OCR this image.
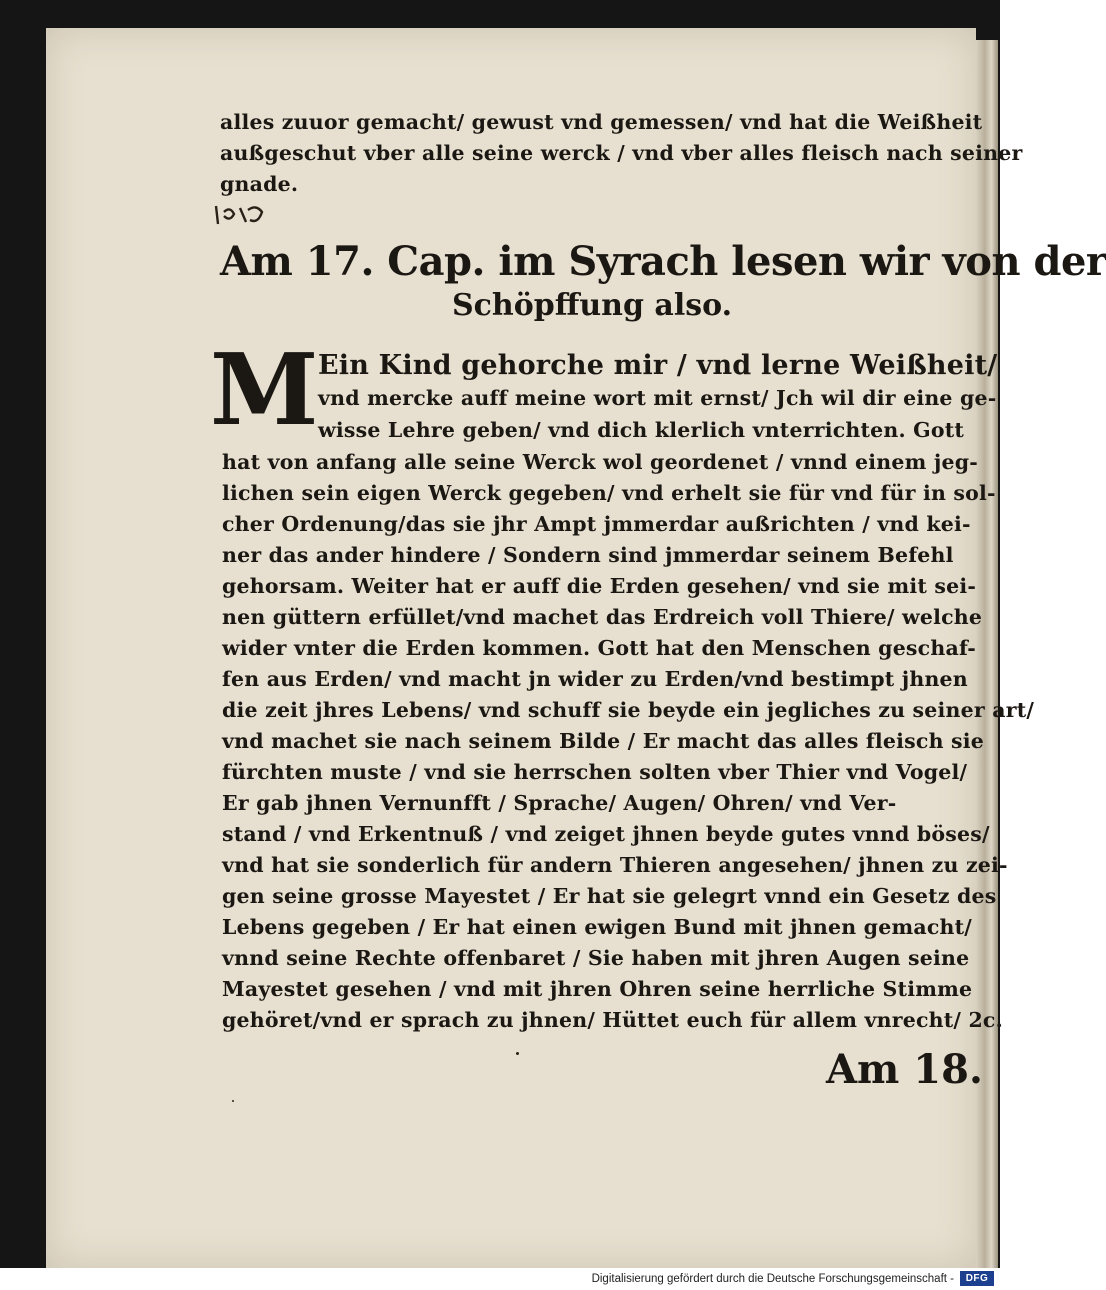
alles zuuor gemacht/ gewust vnd gemessen/ vnd hat die Weißheit
außgeschut vber alle seine werck / vnd vber alles fleisch nach seiner
gnade.
Am 17. Cap. im Syrach lesen wir von der
Schöpffung also.
M Ein Kind gehorche mir / vnd lerne Weißheit/
vnd mercke auff meine wort mit ernst/ Jch wil dir eine ge-
wisse Lehre geben/ vnd dich klerlich vnterrichten. Gott
hat von anfang alle seine Werck wol geordenet / vnnd einem jeg-
lichen sein eigen Werck gegeben/ vnd erhelt sie für vnd für in sol-
cher Ordenung/das sie jhr Ampt jmmerdar außrichten / vnd kei-
ner das ander hindere / Sondern sind jmmerdar seinem Befehl
gehorsam. Weiter hat er auff die Erden gesehen/ vnd sie mit sei-
nen güttern erfüllet/vnd machet das Erdreich voll Thiere/ welche
wider vnter die Erden kommen. Gott hat den Menschen geschaf-
fen aus Erden/ vnd macht jn wider zu Erden/vnd bestimpt jhnen
die zeit jhres Lebens/ vnd schuff sie beyde ein jegliches zu seiner art/
vnd machet sie nach seinem Bilde / Er macht das alles fleisch sie
fürchten muste / vnd sie herrschen solten vber Thier vnd Vogel/
Er gab jhnen Vernunfft / Sprache/ Augen/ Ohren/ vnd Ver-
stand / vnd Erkentnuß / vnd zeiget jhnen beyde gutes vnnd böses/
vnd hat sie sonderlich für andern Thieren angesehen/ jhnen zu zei-
gen seine grosse Mayestet / Er hat sie gelegrt vnnd ein Gesetz des
Lebens gegeben / Er hat einen ewigen Bund mit jhnen gemacht/
vnnd seine Rechte offenbaret / Sie haben mit jhren Augen seine
Mayestet gesehen / vnd mit jhren Ohren seine herrliche Stimme
gehöret/vnd er sprach zu jhnen/ Hüttet euch für allem vnrecht/ 2c.
Am 18.
Digitalisierung gefördert durch die Deutsche Forschungsgemeinschaft -	DFG
